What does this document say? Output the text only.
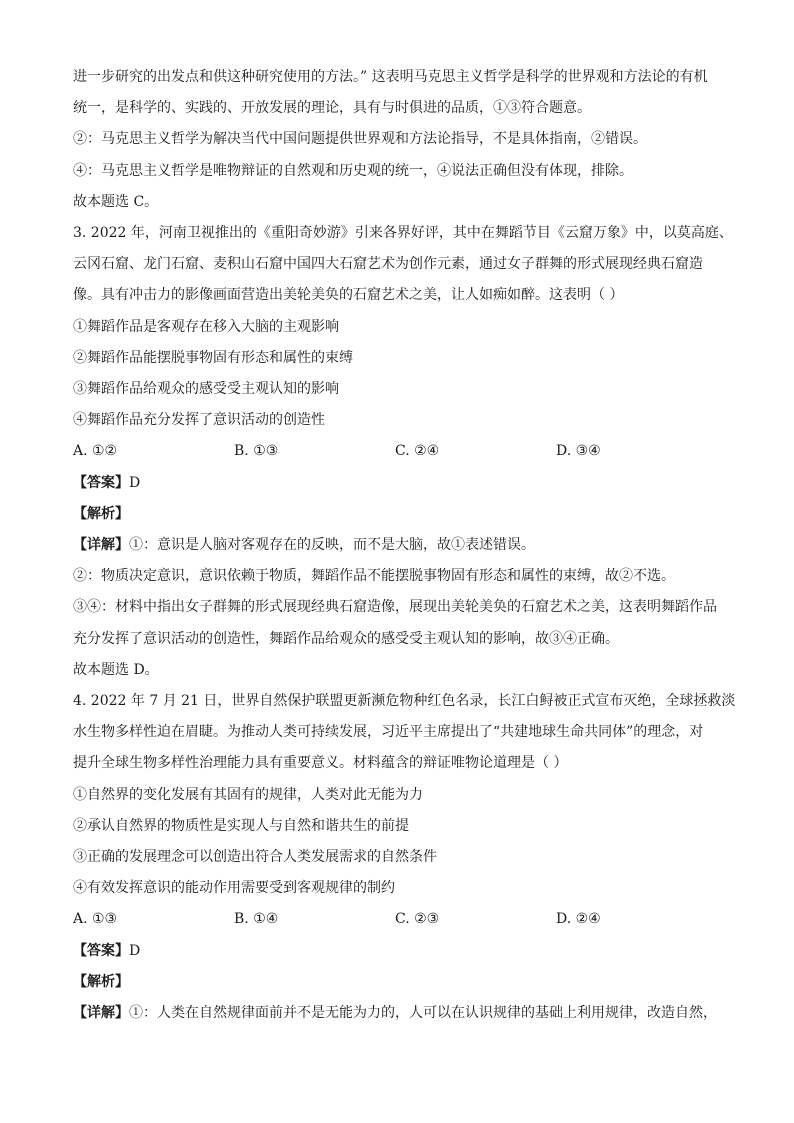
进一步研究的出发点和供这种研究使用的方法。” 这表明马克思主义哲学是科学的世界观和方法论的有机
统一，是科学的、实践的、开放发展的理论，具有与时俱进的品质，①③符合题意。
②：马克思主义哲学为解决当代中国问题提供世界观和方法论指导，不是具体指南，②错误。
④：马克思主义哲学是唯物辩证的自然观和历史观的统一，④说法正确但没有体现，排除。
故本题选 C。
3. 2022 年，河南卫视推出的《重阳奇妙游》引来各界好评，其中在舞蹈节目《云窟万象》中，以莫高庭、
云冈石窟、龙门石窟、麦积山石窟中国四大石窟艺术为创作元素，通过女子群舞的形式展现经典石窟造
像。具有冲击力的影像画面营造出美轮美奂的石窟艺术之美，让人如痴如醉。这表明（ ）
①舞蹈作品是客观存在移入大脑的主观影响
②舞蹈作品能摆脱事物固有形态和属性的束缚
③舞蹈作品给观众的感受受主观认知的影响
④舞蹈作品充分发挥了意识活动的创造性
A. ①②	B. ①③	C. ②④	D. ③④
【答案】D
【解析】
【详解】①：意识是人脑对客观存在的反映，而不是大脑，故①表述错误。
②：物质决定意识，意识依赖于物质，舞蹈作品不能摆脱事物固有形态和属性的束缚，故②不选。
③④：材料中指出女子群舞的形式展现经典石窟造像，展现出美轮美奂的石窟艺术之美，这表明舞蹈作品
充分发挥了意识活动的创造性，舞蹈作品给观众的感受受主观认知的影响，故③④正确。
故本题选 D。
4. 2022 年 7 月 21 日，世界自然保护联盟更新濒危物种红色名录，长江白鲟被正式宣布灭绝，全球拯救淡
水生物多样性迫在眉睫。为推动人类可持续发展，习近平主席提出了“共建地球生命共同体”的理念，对
提升全球生物多样性治理能力具有重要意义。材料蕴含的辩证唯物论道理是（ ）
①自然界的变化发展有其固有的规律，人类对此无能为力
②承认自然界的物质性是实现人与自然和谐共生的前提
③正确的发展理念可以创造出符合人类发展需求的自然条件
④有效发挥意识的能动作用需要受到客观规律的制约
A. ①③	B. ①④	C. ②③	D. ②④
【答案】D
【解析】
【详解】①：人类在自然规律面前并不是无能为力的，人可以在认识规律的基础上利用规律，改造自然，
